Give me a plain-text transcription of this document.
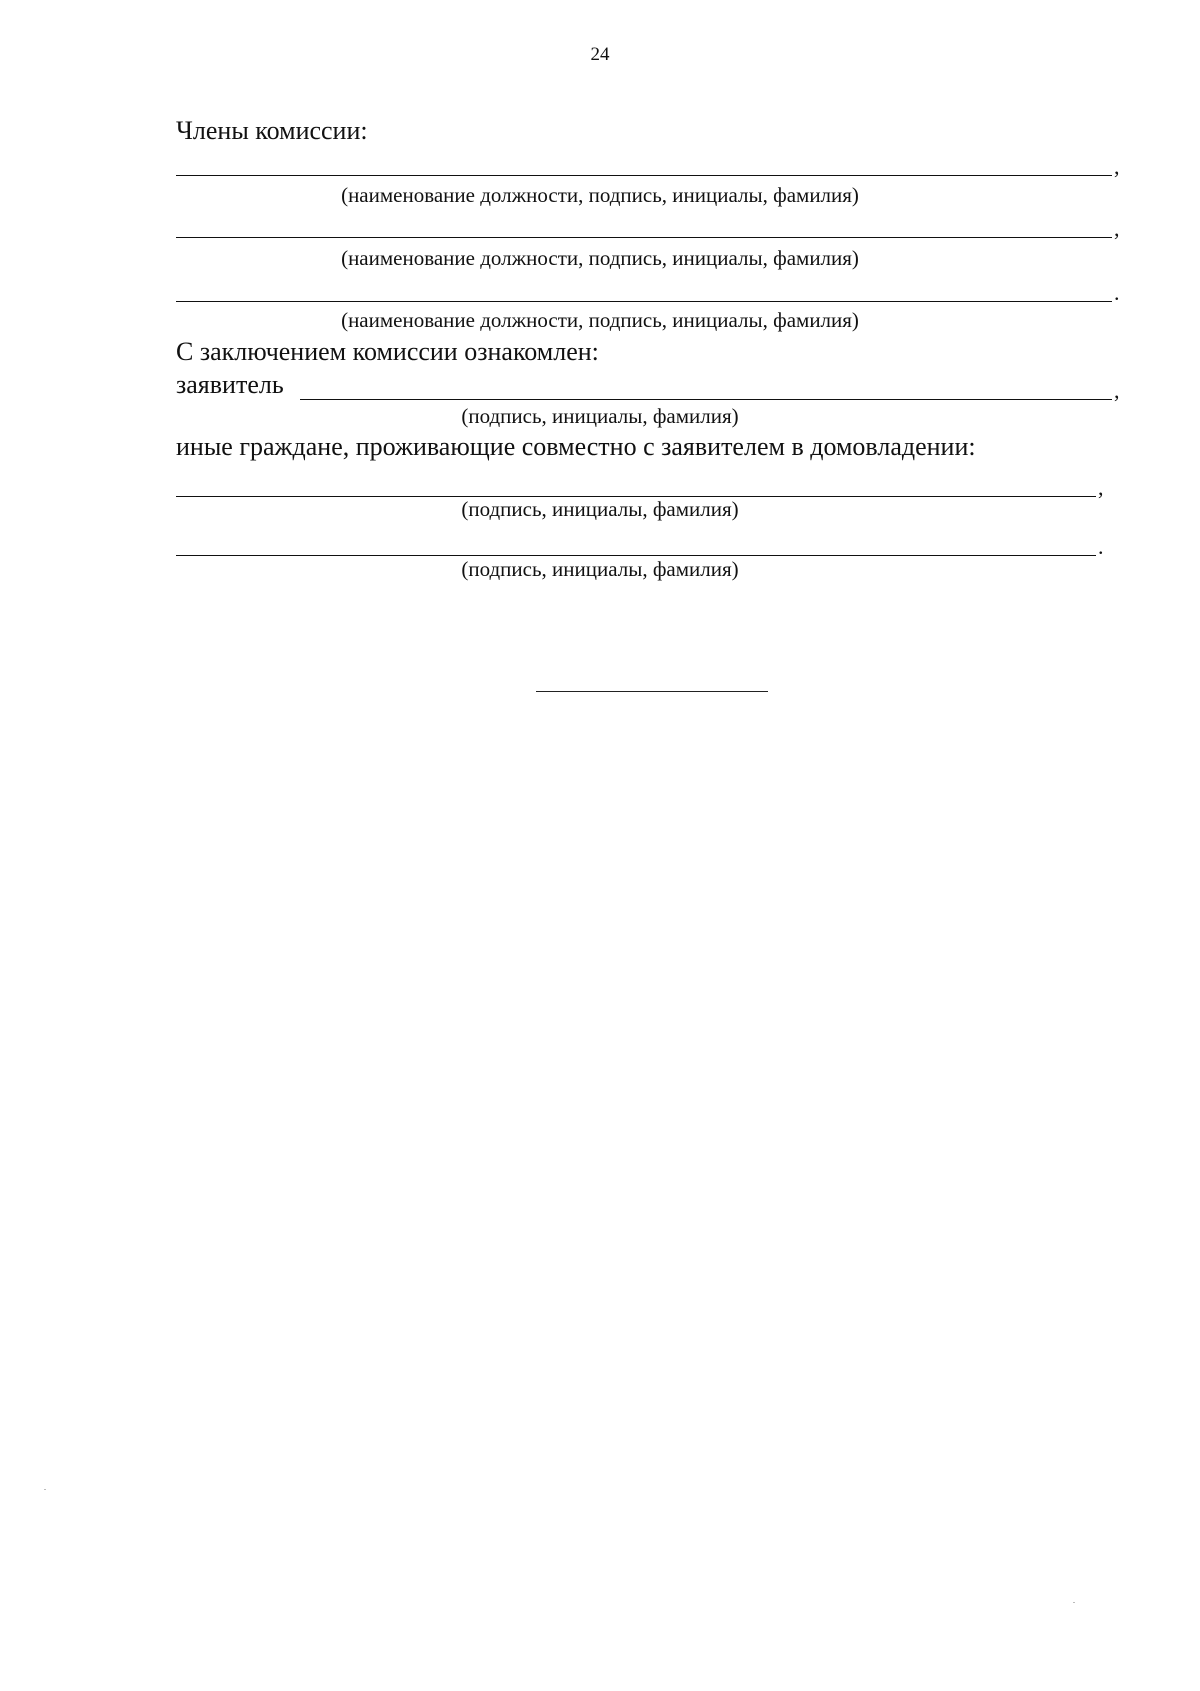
24
Члены комиссии:
,
(наименование должности, подпись, инициалы, фамилия)
,
(наименование должности, подпись, инициалы, фамилия)
.
(наименование должности, подпись, инициалы, фамилия)
С заключением комиссии ознакомлен:
заявитель	,
(подпись, инициалы, фамилия)
иные граждане, проживающие совместно с заявителем в домовладении:
,
(подпись, инициалы, фамилия)
.
(подпись, инициалы, фамилия)
